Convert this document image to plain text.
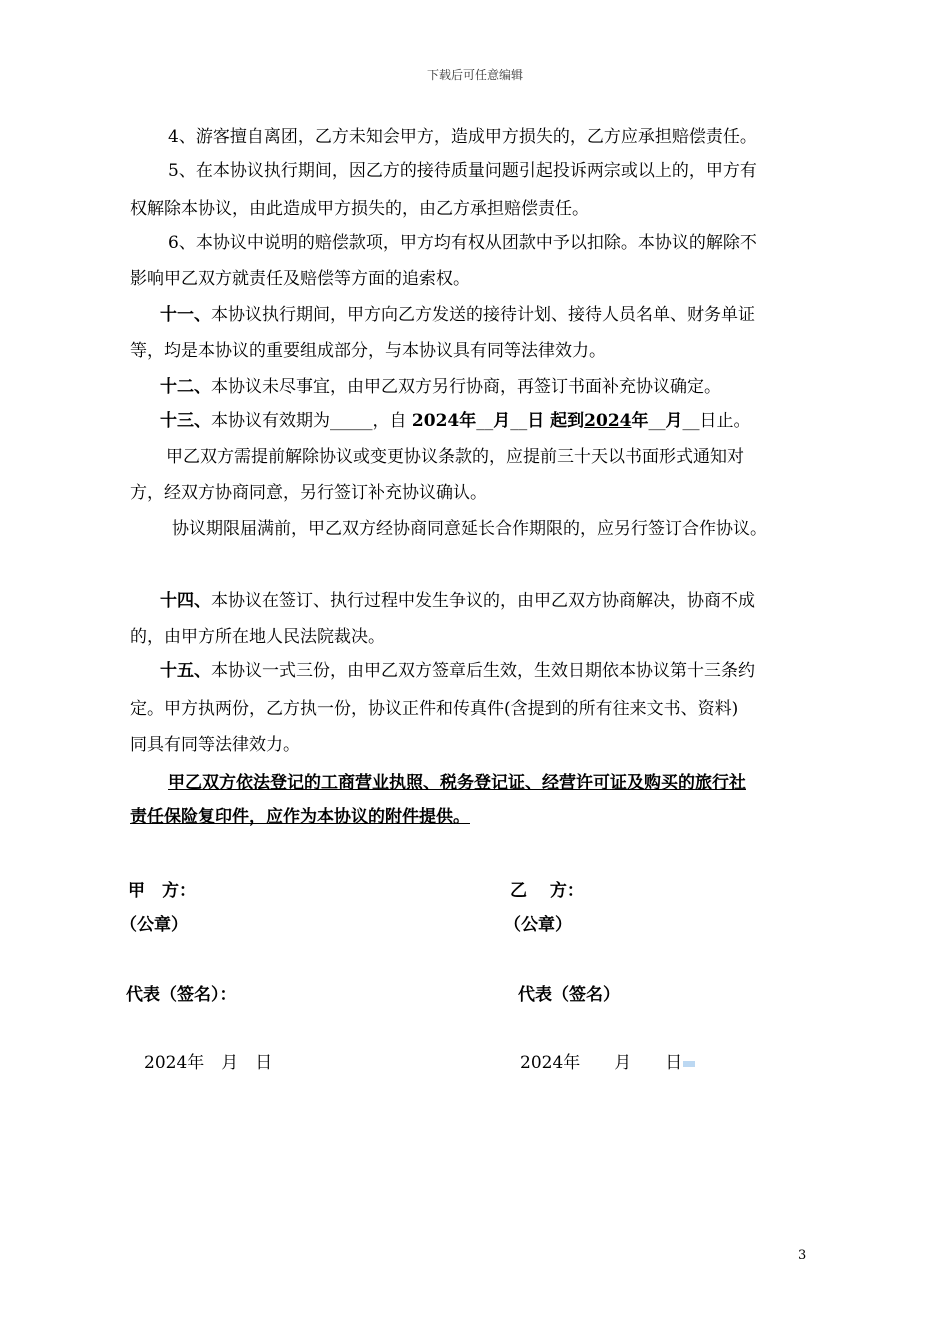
下载后可任意编辑
4、游客擅自离团，乙方未知会甲方，造成甲方损失的，乙方应承担赔偿责任。
5、在本协议执行期间，因乙方的接待质量问题引起投诉两宗或以上的，甲方有
权解除本协议，由此造成甲方损失的，由乙方承担赔偿责任。
6、本协议中说明的赔偿款项，甲方均有权从团款中予以扣除。本协议的解除不
影响甲乙双方就责任及赔偿等方面的追索权。
十一、本协议执行期间，甲方向乙方发送的接待计划、接待人员名单、财务单证
等，均是本协议的重要组成部分，与本协议具有同等法律效力。
十二、本协议未尽事宜，由甲乙双方另行协商，再签订书面补充协议确定。
十三、本协议有效期为_____，自 2024年__月__日 起到2024年__月__日止。
甲乙双方需提前解除协议或变更协议条款的，应提前三十天以书面形式通知对
方，经双方协商同意，另行签订补充协议确认。
协议期限届满前，甲乙双方经协商同意延长合作期限的，应另行签订合作协议。
十四、本协议在签订、执行过程中发生争议的，由甲乙双方协商解决，协商不成
的，由甲方所在地人民法院裁决。
十五、本协议一式三份，由甲乙双方签章后生效，生效日期依本协议第十三条约
定。甲方执两份，乙方执一份，协议正件和传真件(含提到的所有往来文书、资料)
同具有同等法律效力。
甲乙双方依法登记的工商营业执照、税务登记证、经营许可证及购买的旅行社
责任保险复印件，应作为本协议的附件提供。
甲　方：	乙　 方：
（公章）	（公章）
代表（签名）：	代表（签名）
2024年　月　日	2024年　　月　　日
3
